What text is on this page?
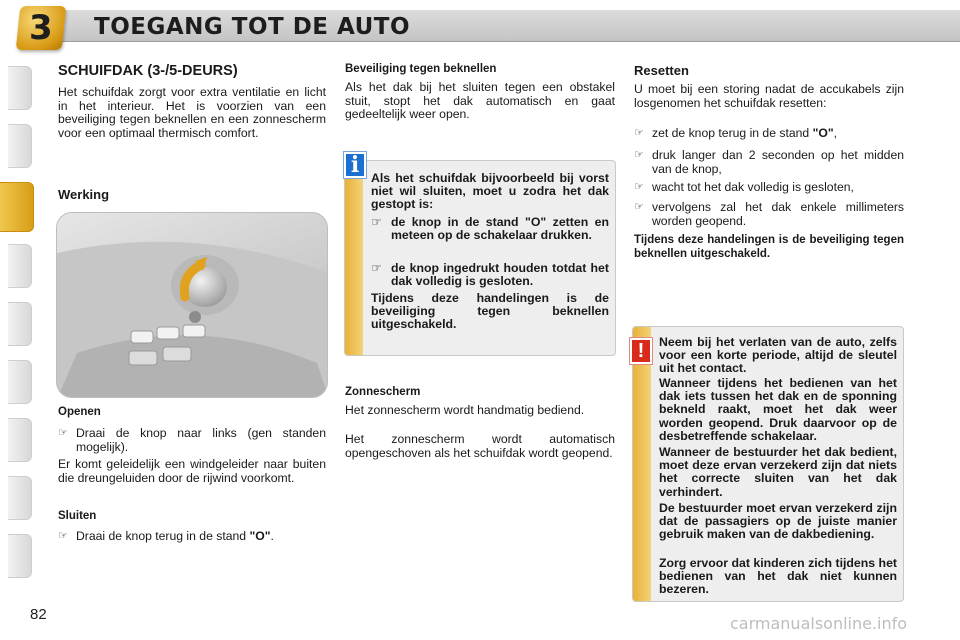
3 TOEGANG TOT DE AUTO
SCHUIFDAK (3-/5-DEURS)
Het schuifdak zorgt voor extra ventilatie en licht in het interieur. Het is voorzien van een beveiliging tegen beknellen en een zonnescherm voor een optimaal thermisch comfort.
Werking
Openen
☞ Draai de knop naar links (gen standen mogelijk).
Er komt geleidelijk een windgeleider naar buiten die dreungeluiden door de rijwind voorkomt.
Sluiten
☞ Draai de knop terug in de stand "O".
Beveiliging tegen beknellen
Als het dak bij het sluiten tegen een obstakel stuit, stopt het dak automatisch en gaat gedeeltelijk weer open.
i Als het schuifdak bijvoorbeeld bij vorst niet wil sluiten, moet u zodra het dak gestopt is:
☞ de knop in de stand "O" zetten en meteen op de schakelaar drukken.
☞ de knop ingedrukt houden totdat het dak volledig is gesloten.
Tijdens deze handelingen is de beveiliging tegen beknellen uitgeschakeld.
Zonnescherm
Het zonnescherm wordt handmatig bediend.
Het zonnescherm wordt automatisch opengeschoven als het schuifdak wordt geopend.
Resetten
U moet bij een storing nadat de accukabels zijn losgenomen het schuifdak resetten:
☞ zet de knop terug in de stand "O",
☞ druk langer dan 2 seconden op het midden van de knop,
☞ wacht tot het dak volledig is gesloten,
☞ vervolgens zal het dak enkele millimeters worden geopend.
Tijdens deze handelingen is de beveiliging tegen beknellen uitgeschakeld.
!	Neem bij het verlaten van de auto, zelfs voor een korte periode, altijd de sleutel uit het contact.
Wanneer tijdens het bedienen van het dak iets tussen het dak en de sponning bekneld raakt, moet het dak weer worden geopend. Druk daarvoor op de desbetreffende schakelaar.
Wanneer de bestuurder het dak bedient, moet deze ervan verzekerd zijn dat niets het correcte sluiten van het dak verhindert.
De bestuurder moet ervan verzekerd zijn dat de passagiers op de juiste manier gebruik maken van de dakbediening.
Zorg ervoor dat kinderen zich tijdens het bedienen van het dak niet kunnen bezeren.
82	carmanualsonline.info
